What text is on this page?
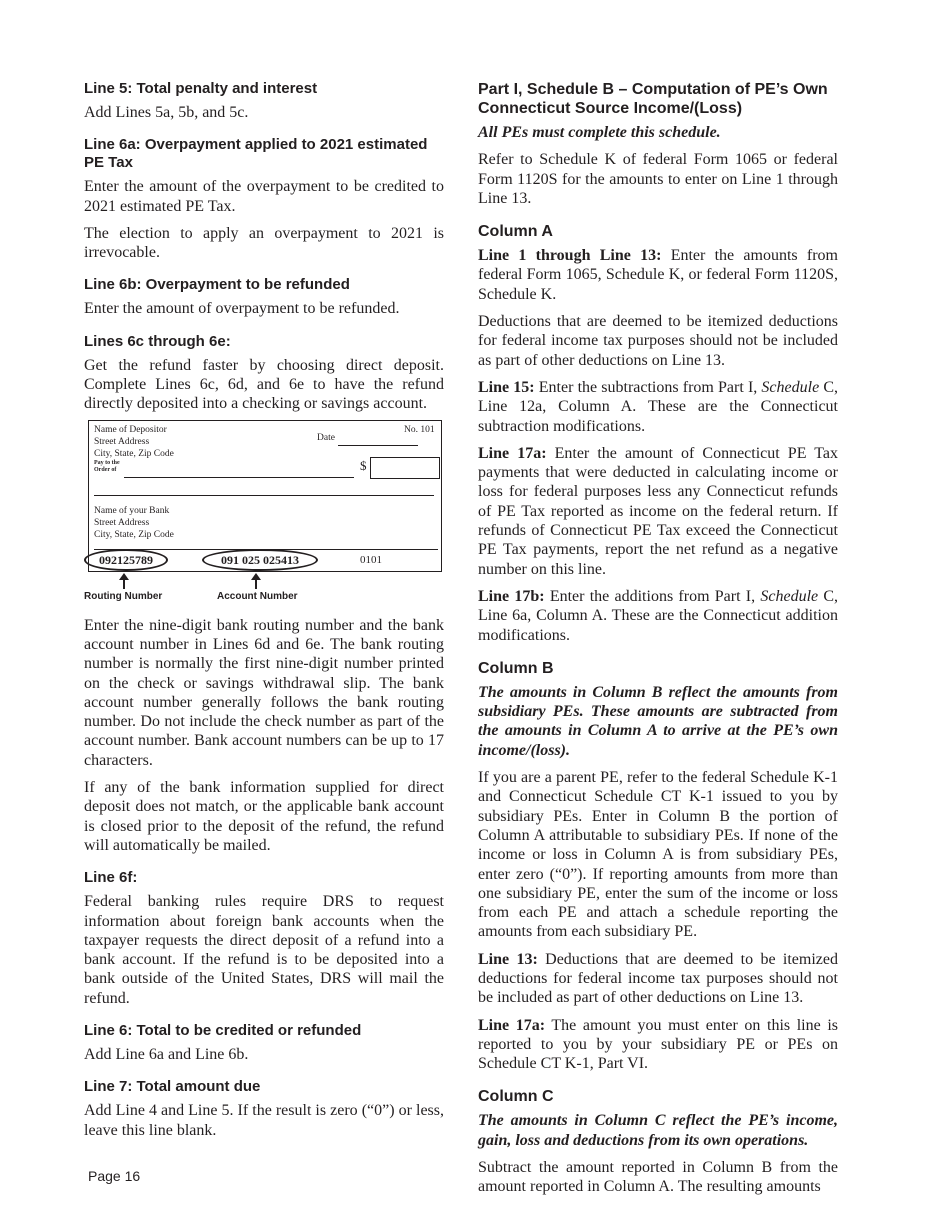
Line 5: Total penalty and interest

Add Lines 5a, 5b, and 5c.

Line 6a: Overpayment applied to 2021 estimated PE Tax

Enter the amount of the overpayment to be credited to 2021 estimated PE Tax.

The election to apply an overpayment to 2021 is irrevocable.

Line 6b: Overpayment to be refunded

Enter the amount of overpayment to be refunded.

Lines 6c through 6e:

Get the refund faster by choosing direct deposit. Complete Lines 6c, 6d, and 6e to have the refund directly deposited into a checking or savings account.

Name of Depositor
Street Address
City, State, Zip Code
No. 101
Date
Pay to the
Order of	$
Name of your Bank
Street Address
City, State, Zip Code
092125789	091 025 025413	0101
Routing Number	Account Number

Enter the nine-digit bank routing number and the bank account number in Lines 6d and 6e. The bank routing number is normally the first nine-digit number printed on the check or savings withdrawal slip. The bank account number generally follows the bank routing number. Do not include the check number as part of the account number. Bank account numbers can be up to 17 characters.

If any of the bank information supplied for direct deposit does not match, or the applicable bank account is closed prior to the deposit of the refund, the refund will automatically be mailed.

Line 6f:

Federal banking rules require DRS to request information about foreign bank accounts when the taxpayer requests the direct deposit of a refund into a bank account. If the refund is to be deposited into a bank outside of the United States, DRS will mail the refund.

Line 6: Total to be credited or refunded

Add Line 6a and Line 6b.

Line 7: Total amount due

Add Line 4 and Line 5. If the result is zero (“0”) or less, leave this line blank.

Part I, Schedule B – Computation of PE’s Own Connecticut Source Income/(Loss)

All PEs must complete this schedule.

Refer to Schedule K of federal Form 1065 or federal Form 1120S for the amounts to enter on Line 1 through Line 13.

Column A

Line 1 through Line 13: Enter the amounts from federal Form 1065, Schedule K, or federal Form 1120S, Schedule K.

Deductions that are deemed to be itemized deductions for federal income tax purposes should not be included as part of other deductions on Line 13.

Line 15: Enter the subtractions from Part I, Schedule C, Line 12a, Column A. These are the Connecticut subtraction modifications.

Line 17a: Enter the amount of Connecticut PE Tax payments that were deducted in calculating income or loss for federal purposes less any Connecticut refunds of PE Tax reported as income on the federal return. If refunds of Connecticut PE Tax exceed the Connecticut PE Tax payments, report the net refund as a negative number on this line.

Line 17b: Enter the additions from Part I, Schedule C, Line 6a, Column A. These are the Connecticut addition modifications.

Column B

The amounts in Column B reflect the amounts from subsidiary PEs. These amounts are subtracted from the amounts in Column A to arrive at the PE’s own income/(loss).

If you are a parent PE, refer to the federal Schedule K-1 and Connecticut Schedule CT K-1 issued to you by subsidiary PEs. Enter in Column B the portion of Column A attributable to subsidiary PEs. If none of the income or loss in Column A is from subsidiary PEs, enter zero (“0”). If reporting amounts from more than one subsidiary PE, enter the sum of the income or loss from each PE and attach a schedule reporting the amounts from each subsidiary PE.

Line 13: Deductions that are deemed to be itemized deductions for federal income tax purposes should not be included as part of other deductions on Line 13.

Line 17a: The amount you must enter on this line is reported to you by your subsidiary PE or PEs on Schedule CT K-1, Part VI.

Column C

The amounts in Column C reflect the PE’s income, gain, loss and deductions from its own operations.

Subtract the amount reported in Column B from the amount reported in Column A. The resulting amounts

Page 16
